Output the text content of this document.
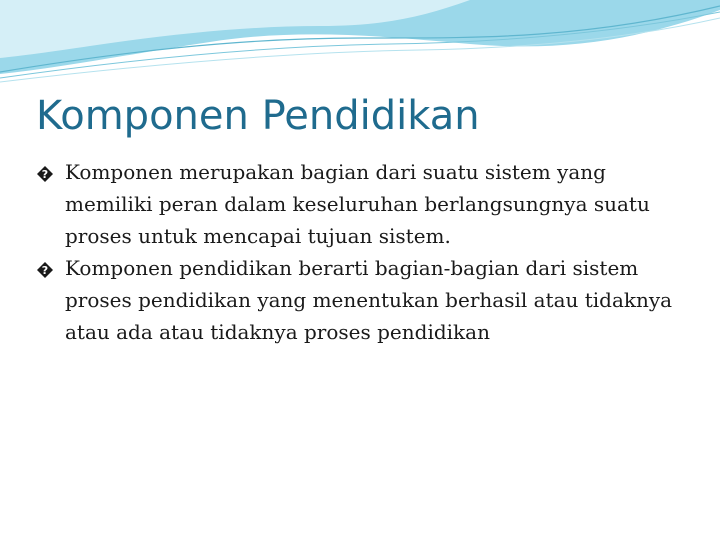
Komponen Pendidikan
? Komponen merupakan bagian dari suatu sistem yang memiliki peran dalam keseluruhan berlangsungnya suatu proses untuk mencapai tujuan sistem.
? Komponen pendidikan berarti bagian-bagian dari sistem proses pendidikan yang menentukan berhasil atau tidaknya atau ada atau tidaknya proses pendidikan
